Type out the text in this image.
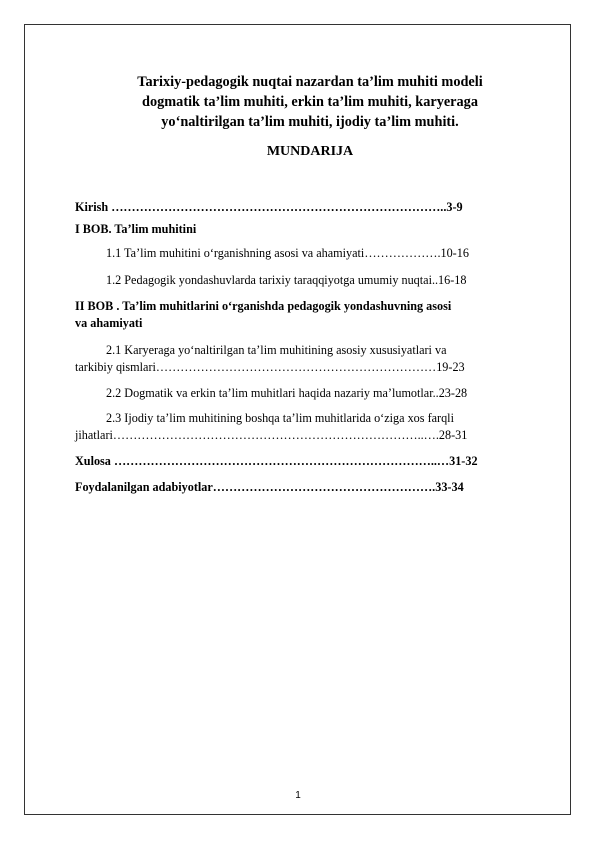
Tarixiy-pedagogik nuqtai nazardan ta’lim muhiti modeli
dogmatik ta’lim muhiti, erkin ta’lim muhiti, karyeraga
yo‘naltirilgan ta’lim muhiti, ijodiy ta’lim muhiti.
MUNDARIJA
Kirish ………………………………………………………………………..3-9
I BOB. Ta’lim muhitini
1.1 Ta’lim muhitini o‘rganishning asosi va ahamiyati……………….10-16
1.2 Pedagogik yondashuvlarda tarixiy taraqqiyotga umumiy nuqtai..16-18
II BOB . Ta’lim muhitlarini o‘rganishda pedagogik yondashuvning asosi
va ahamiyati
2.1 Karyeraga yo‘naltirilgan ta’lim muhitining asosiy xususiyatlari va
tarkibiy qismlari……………………………………………………………19-23
2.2 Dogmatik va erkin ta’lim muhitlari haqida nazariy ma’lumotlar..23-28
2.3 Ijodiy ta’lim muhitining boshqa ta’lim muhitlarida o‘ziga xos farqli
jihatlari…………………………………………………………………..….28-31
Xulosa ……………………………………………………………………..…31-32
Foydalanilgan adabiyotlar……………………………………………….33-34
1
